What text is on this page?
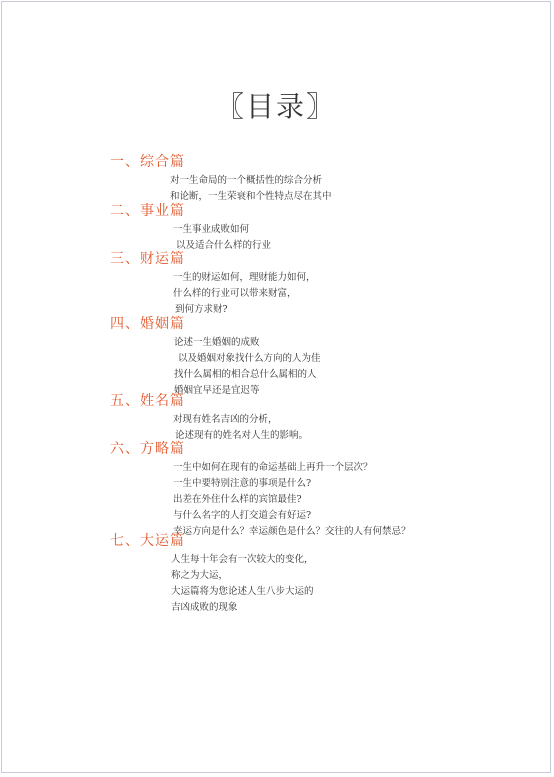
〖目录〗
一、综合篇
对一生命局的一个概括性的综合分析
和论断，一生荣衰和个性特点尽在其中
二、事业篇
一生事业成败如何
以及适合什么样的行业
三、财运篇
一生的财运如何，理财能力如何，
什么样的行业可以带来财富，
到何方求财?
四、婚姻篇
论述一生婚姻的成败
以及婚姻对象找什么方向的人为佳
找什么属相的相合总什么属相的人
婚姻宜早还是宜迟等
五、姓名篇
对现有姓名吉凶的分析，
论述现有的姓名对人生的影响。
六、方略篇
一生中如何在现有的命运基础上再升一个层次？
一生中要特别注意的事项是什么?
出差在外住什么样的宾馆最佳?
与什么名字的人打交道会有好运?
幸运方向是什么？幸运颜色是什么？交往的人有何禁忌？
七、大运篇
人生每十年会有一次较大的变化，
称之为大运，
大运篇将为您论述人生八步大运的
吉凶成败的现象
